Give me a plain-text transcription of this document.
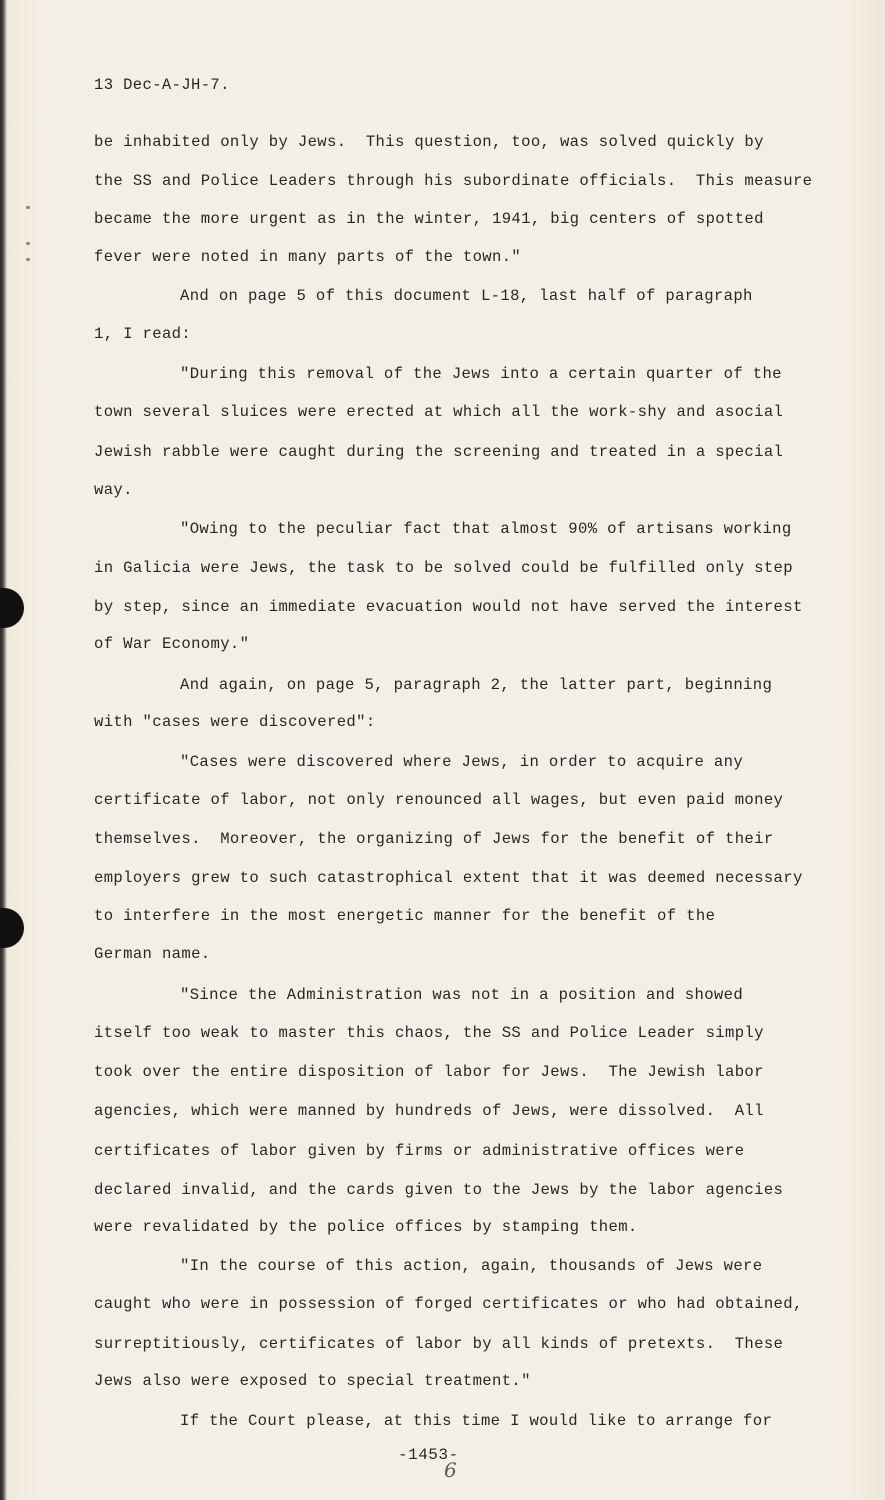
13 Dec-A-JH-7.
be inhabited only by Jews.  This question, too, was solved quickly by
the SS and Police Leaders through his subordinate officials.  This measure
became the more urgent as in the winter, 1941, big centers of spotted
fever were noted in many parts of the town."
And on page 5 of this document L-18, last half of paragraph
1, I read:
"During this removal of the Jews into a certain quarter of the
town several sluices were erected at which all the work-shy and asocial
Jewish rabble were caught during the screening and treated in a special
way.
"Owing to the peculiar fact that almost 90% of artisans working
in Galicia were Jews, the task to be solved could be fulfilled only step
by step, since an immediate evacuation would not have served the interest
of War Economy."
And again, on page 5, paragraph 2, the latter part, beginning
with "cases were discovered":
"Cases were discovered where Jews, in order to acquire any
certificate of labor, not only renounced all wages, but even paid money
themselves.  Moreover, the organizing of Jews for the benefit of their
employers grew to such catastrophical extent that it was deemed necessary
to interfere in the most energetic manner for the benefit of the
German name.
"Since the Administration was not in a position and showed
itself too weak to master this chaos, the SS and Police Leader simply
took over the entire disposition of labor for Jews.  The Jewish labor
agencies, which were manned by hundreds of Jews, were dissolved.  All
certificates of labor given by firms or administrative offices were
declared invalid, and the cards given to the Jews by the labor agencies
were revalidated by the police offices by stamping them.
"In the course of this action, again, thousands of Jews were
caught who were in possession of forged certificates or who had obtained,
surreptitiously, certificates of labor by all kinds of pretexts.  These
Jews also were exposed to special treatment."
If the Court please, at this time I would like to arrange for
-1453-
6
